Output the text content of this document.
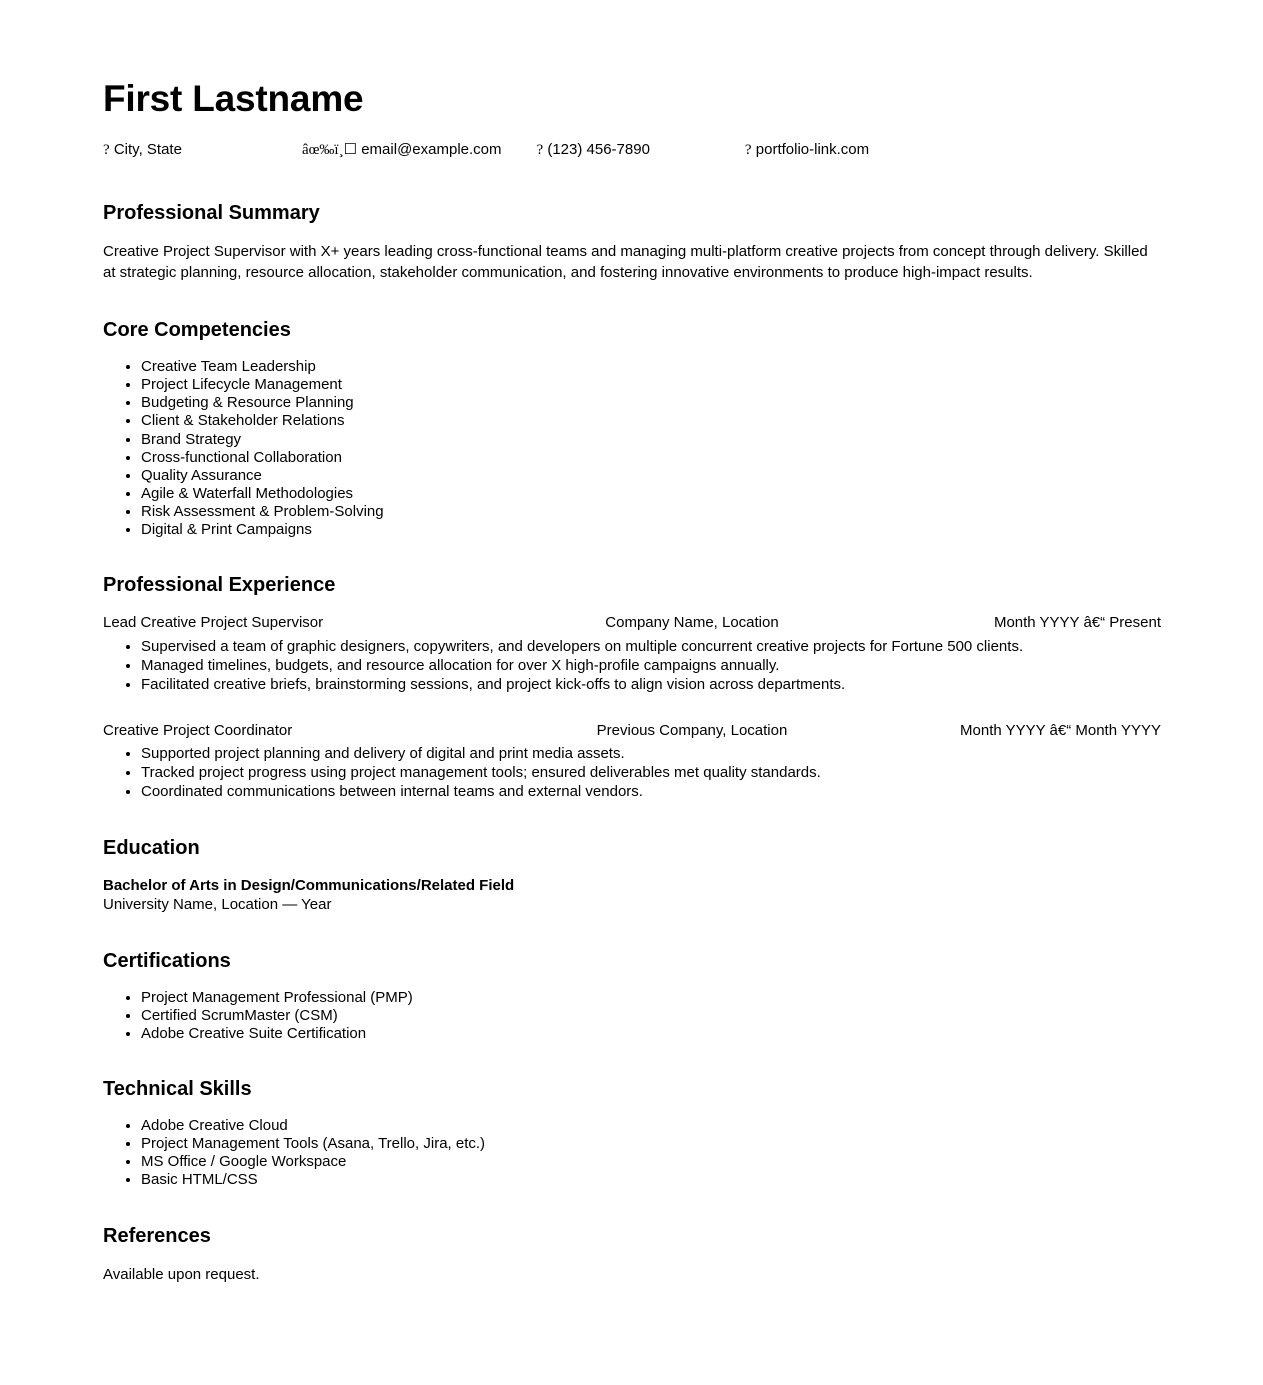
First Lastname
? City, State	âœ‰ï¸☐ email@example.com ? (123) 456-7890	? portfolio-link.com
Professional Summary

Creative Project Supervisor with X+ years leading cross-functional teams and managing multi-platform creative projects from concept through delivery. Skilled at strategic planning, resource allocation, stakeholder communication, and fostering innovative environments to produce high-impact results.

Core Competencies
• Creative Team Leadership
• Project Lifecycle Management
• Budgeting & Resource Planning
• Client & Stakeholder Relations
• Brand Strategy
• Cross-functional Collaboration
• Quality Assurance
• Agile & Waterfall Methodologies
• Risk Assessment & Problem-Solving
• Digital & Print Campaigns
Professional Experience
Lead Creative Project Supervisor	Company Name, Location	Month YYYY â€“ Present
• Supervised a team of graphic designers, copywriters, and developers on multiple concurrent creative projects for Fortune 500 clients.
• Managed timelines, budgets, and resource allocation for over X high-profile campaigns annually.
• Facilitated creative briefs, brainstorming sessions, and project kick-offs to align vision across departments.
Creative Project Coordinator	Previous Company, Location	Month YYYY â€“ Month YYYY
• Supported project planning and delivery of digital and print media assets.
• Tracked project progress using project management tools; ensured deliverables met quality standards.
• Coordinated communications between internal teams and external vendors.
Education

Bachelor of Arts in Design/Communications/Related Field

University Name, Location — Year

Certifications
• Project Management Professional (PMP)
• Certified ScrumMaster (CSM)
• Adobe Creative Suite Certification
Technical Skills
• Adobe Creative Cloud
• Project Management Tools (Asana, Trello, Jira, etc.)
• MS Office / Google Workspace
• Basic HTML/CSS
References

Available upon request.
